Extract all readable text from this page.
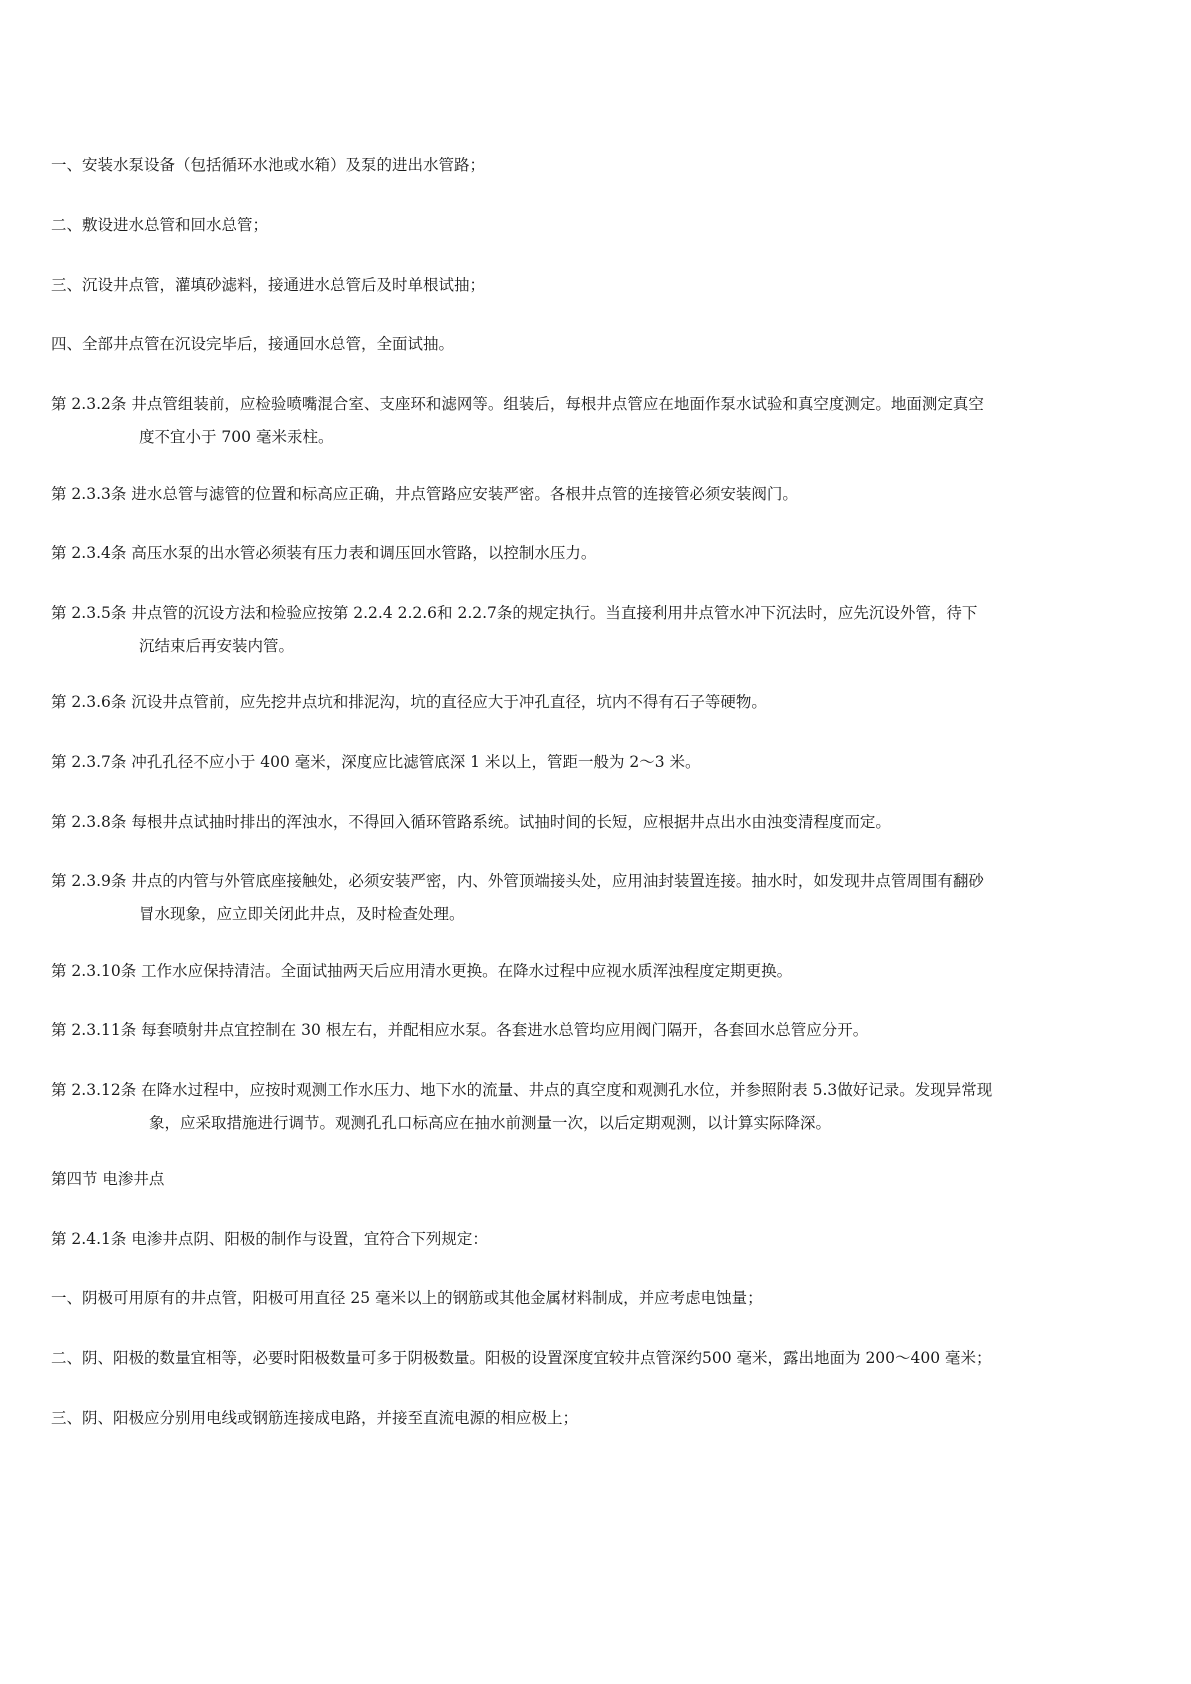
一、安装水泵设备（包括循环水池或水箱）及泵的进出水管路；
二、敷设进水总管和回水总管；
三、沉设井点管，灌填砂滤料，接通进水总管后及时单根试抽；
四、全部井点管在沉设完毕后，接通回水总管，全面试抽。
第 2.3.2条 井点管组装前，应检验喷嘴混合室、支座环和滤网等。组装后，每根井点管应在地面作泵水试验和真空度测定。地面测定真空
度不宜小于 700 毫米汞柱。
第 2.3.3条 进水总管与滤管的位置和标高应正确，井点管路应安装严密。各根井点管的连接管必须安装阀门。
第 2.3.4条 高压水泵的出水管必须装有压力表和调压回水管路，以控制水压力。
第 2.3.5条 井点管的沉设方法和检验应按第 2.2.4 2.2.6和 2.2.7条的规定执行。当直接利用井点管水冲下沉法时，应先沉设外管，待下
沉结束后再安装内管。
第 2.3.6条 沉设井点管前，应先挖井点坑和排泥沟，坑的直径应大于冲孔直径，坑内不得有石子等硬物。
第 2.3.7条 冲孔孔径不应小于 400 毫米，深度应比滤管底深 1 米以上，管距一般为 2～3 米。
第 2.3.8条 每根井点试抽时排出的浑浊水，不得回入循环管路系统。试抽时间的长短，应根据井点出水由浊变清程度而定。
第 2.3.9条 井点的内管与外管底座接触处，必须安装严密，内、外管顶端接头处，应用油封装置连接。抽水时，如发现井点管周围有翻砂
冒水现象，应立即关闭此井点，及时检查处理。
第 2.3.10条 工作水应保持清洁。全面试抽两天后应用清水更换。在降水过程中应视水质浑浊程度定期更换。
第 2.3.11条 每套喷射井点宜控制在 30 根左右，并配相应水泵。各套进水总管均应用阀门隔开，各套回水总管应分开。
第 2.3.12条 在降水过程中，应按时观测工作水压力、地下水的流量、井点的真空度和观测孔水位，并参照附表 5.3做好记录。发现异常现
象，应采取措施进行调节。观测孔孔口标高应在抽水前测量一次，以后定期观测，以计算实际降深。
第四节 电渗井点
第 2.4.1条 电渗井点阴、阳极的制作与设置，宜符合下列规定：
一、阴极可用原有的井点管，阳极可用直径 25 毫米以上的钢筋或其他金属材料制成，并应考虑电蚀量；
二、阴、阳极的数量宜相等，必要时阳极数量可多于阴极数量。阳极的设置深度宜较井点管深约500 毫米，露出地面为 200～400 毫米；
三、阴、阳极应分别用电线或钢筋连接成电路，并接至直流电源的相应极上；
